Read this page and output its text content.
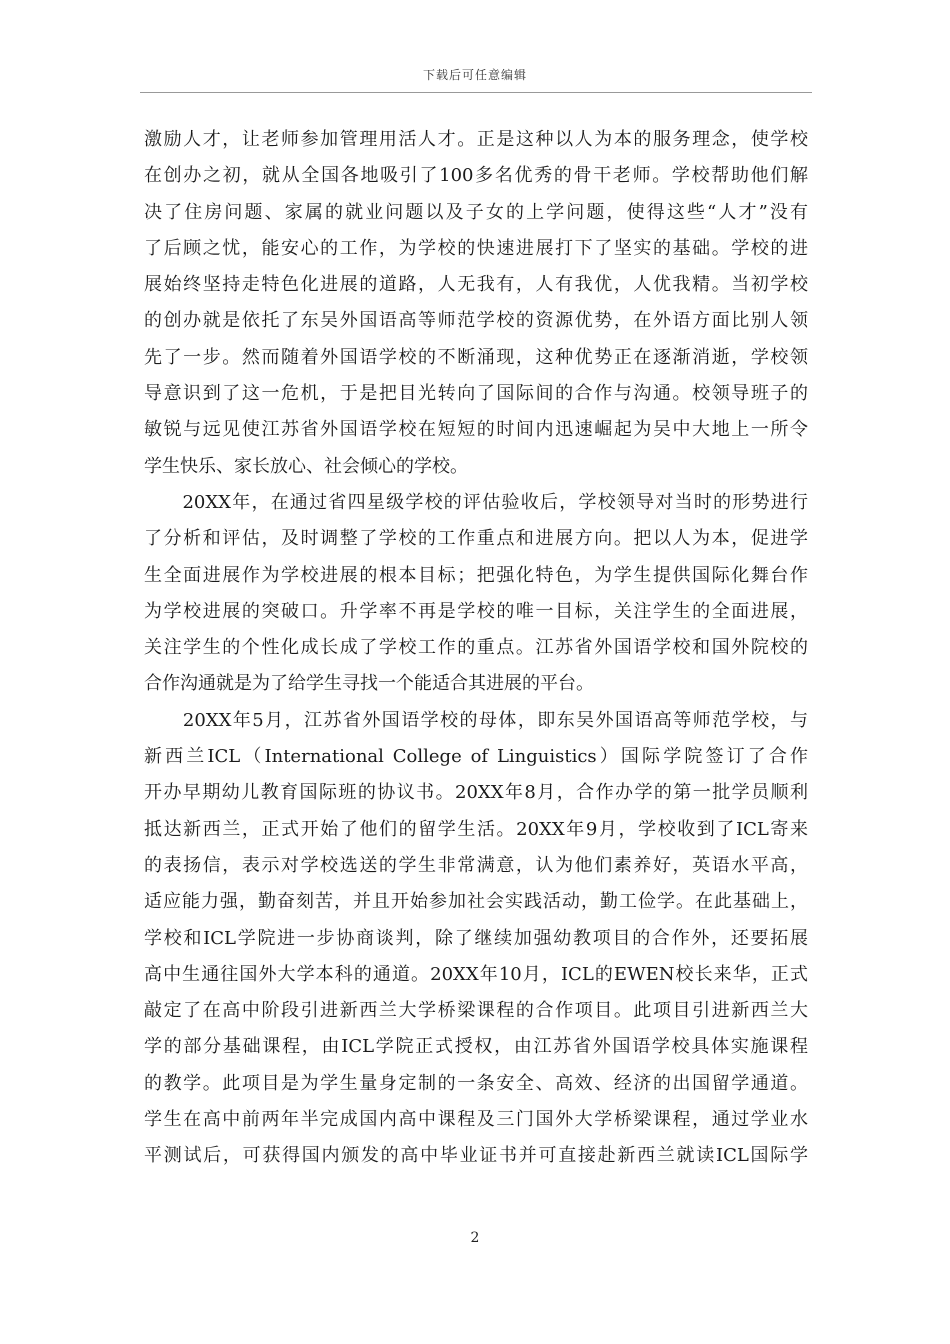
下载后可任意编辑
激励人才，让老师参加管理用活人才。正是这种以人为本的服务理念，使学校
在创办之初，就从全国各地吸引了100多名优秀的骨干老师。学校帮助他们解
决了住房问题、家属的就业问题以及子女的上学问题，使得这些“人才”没有
了后顾之忧，能安心的工作，为学校的快速进展打下了坚实的基础。学校的进
展始终坚持走特色化进展的道路，人无我有，人有我优，人优我精。当初学校
的创办就是依托了东吴外国语高等师范学校的资源优势，在外语方面比别人领
先了一步。然而随着外国语学校的不断涌现，这种优势正在逐渐消逝，学校领
导意识到了这一危机，于是把目光转向了国际间的合作与沟通。校领导班子的
敏锐与远见使江苏省外国语学校在短短的时间内迅速崛起为吴中大地上一所令
学生快乐、家长放心、社会倾心的学校。
　　20XX年，在通过省四星级学校的评估验收后，学校领导对当时的形势进行
了分析和评估，及时调整了学校的工作重点和进展方向。把以人为本，促进学
生全面进展作为学校进展的根本目标；把强化特色，为学生提供国际化舞台作
为学校进展的突破口。升学率不再是学校的唯一目标，关注学生的全面进展，
关注学生的个性化成长成了学校工作的重点。江苏省外国语学校和国外院校的
合作沟通就是为了给学生寻找一个能适合其进展的平台。
　　20XX年5月，江苏省外国语学校的母体，即东吴外国语高等师范学校，与
新西兰ICL（International College of Linguistics）国际学院签订了合作
开办早期幼儿教育国际班的协议书。20XX年8月，合作办学的第一批学员顺利
抵达新西兰，正式开始了他们的留学生活。20XX年9月，学校收到了ICL寄来
的表扬信，表示对学校选送的学生非常满意，认为他们素养好，英语水平高，
适应能力强，勤奋刻苦，并且开始参加社会实践活动，勤工俭学。在此基础上，
学校和ICL学院进一步协商谈判，除了继续加强幼教项目的合作外，还要拓展
高中生通往国外大学本科的通道。20XX年10月，ICL的EWEN校长来华，正式
敲定了在高中阶段引进新西兰大学桥梁课程的合作项目。此项目引进新西兰大
学的部分基础课程，由ICL学院正式授权，由江苏省外国语学校具体实施课程
的教学。此项目是为学生量身定制的一条安全、高效、经济的出国留学通道。
学生在高中前两年半完成国内高中课程及三门国外大学桥梁课程，通过学业水
平测试后，可获得国内颁发的高中毕业证书并可直接赴新西兰就读ICL国际学
2
